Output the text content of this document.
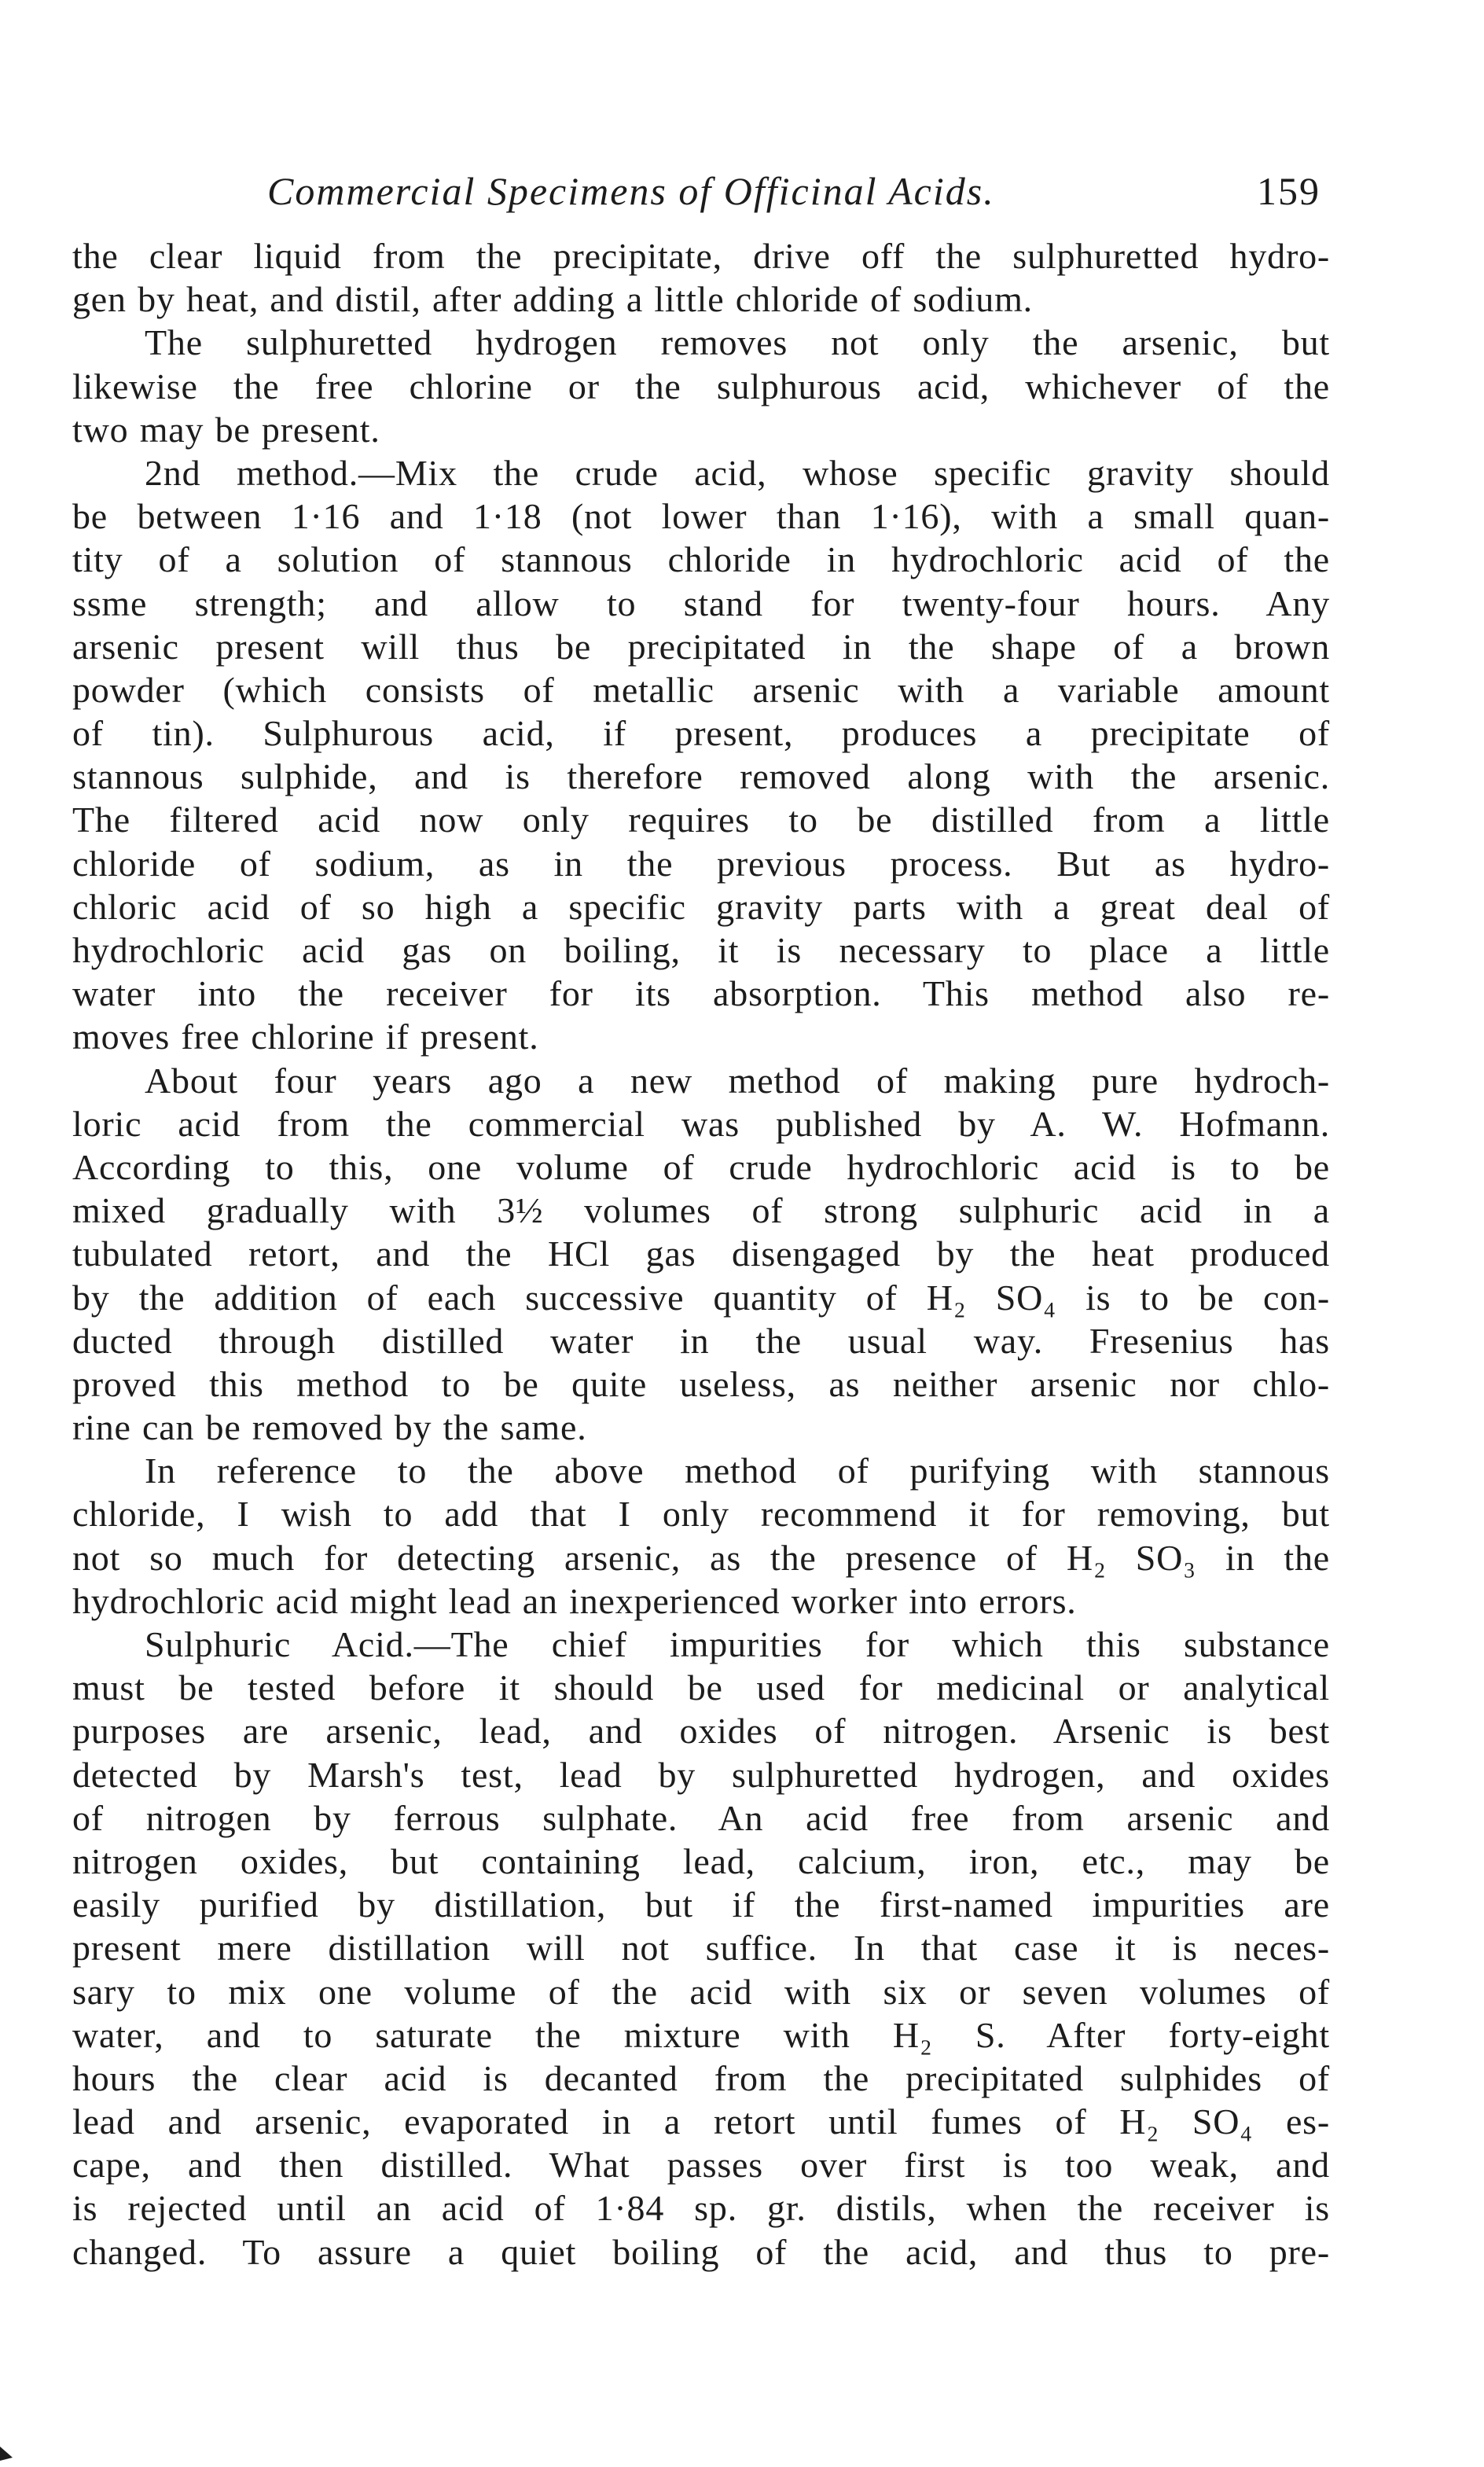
Commercial Specimens of Officinal Acids.	159
the clear liquid from the precipitate, drive off the sulphuretted hydro-
gen by heat, and distil, after adding a little chloride of sodium.
The sulphuretted hydrogen removes not only the arsenic, but
likewise the free chlorine or the sulphurous acid, whichever of the
two may be present.
2nd method.—Mix the crude acid, whose specific gravity should
be between 1·16 and 1·18 (not lower than 1·16), with a small quan-
tity of a solution of stannous chloride in hydrochloric acid of the
ssme strength; and allow to stand for twenty-four hours. Any
arsenic present will thus be precipitated in the shape of a brown
powder (which consists of metallic arsenic with a variable amount
of tin). Sulphurous acid, if present, produces a precipitate of
stannous sulphide, and is therefore removed along with the arsenic.
The filtered acid now only requires to be distilled from a little
chloride of sodium, as in the previous process. But as hydro-
chloric acid of so high a specific gravity parts with a great deal of
hydrochloric acid gas on boiling, it is necessary to place a little
water into the receiver for its absorption. This method also re-
moves free chlorine if present.
About four years ago a new method of making pure hydroch-
loric acid from the commercial was published by A. W. Hofmann.
According to this, one volume of crude hydrochloric acid is to be
mixed gradually with 3½ volumes of strong sulphuric acid in a
tubulated retort, and the HCl gas disengaged by the heat produced
by the addition of each successive quantity of H₂ SO₄ is to be con-
ducted through distilled water in the usual way. Fresenius has
proved this method to be quite useless, as neither arsenic nor chlo-
rine can be removed by the same.
In reference to the above method of purifying with stannous
chloride, I wish to add that I only recommend it for removing, but
not so much for detecting arsenic, as the presence of H₂ SO₃ in the
hydrochloric acid might lead an inexperienced worker into errors.
Sulphuric Acid.—The chief impurities for which this substance
must be tested before it should be used for medicinal or analytical
purposes are arsenic, lead, and oxides of nitrogen. Arsenic is best
detected by Marsh's test, lead by sulphuretted hydrogen, and oxides
of nitrogen by ferrous sulphate. An acid free from arsenic and
nitrogen oxides, but containing lead, calcium, iron, etc., may be
easily purified by distillation, but if the first-named impurities are
present mere distillation will not suffice. In that case it is neces-
sary to mix one volume of the acid with six or seven volumes of
water, and to saturate the mixture with H₂ S. After forty-eight
hours the clear acid is decanted from the precipitated sulphides of
lead and arsenic, evaporated in a retort until fumes of H₂ SO₄ es-
cape, and then distilled. What passes over first is too weak, and
is rejected until an acid of 1·84 sp. gr. distils, when the receiver is
changed. To assure a quiet boiling of the acid, and thus to pre-
